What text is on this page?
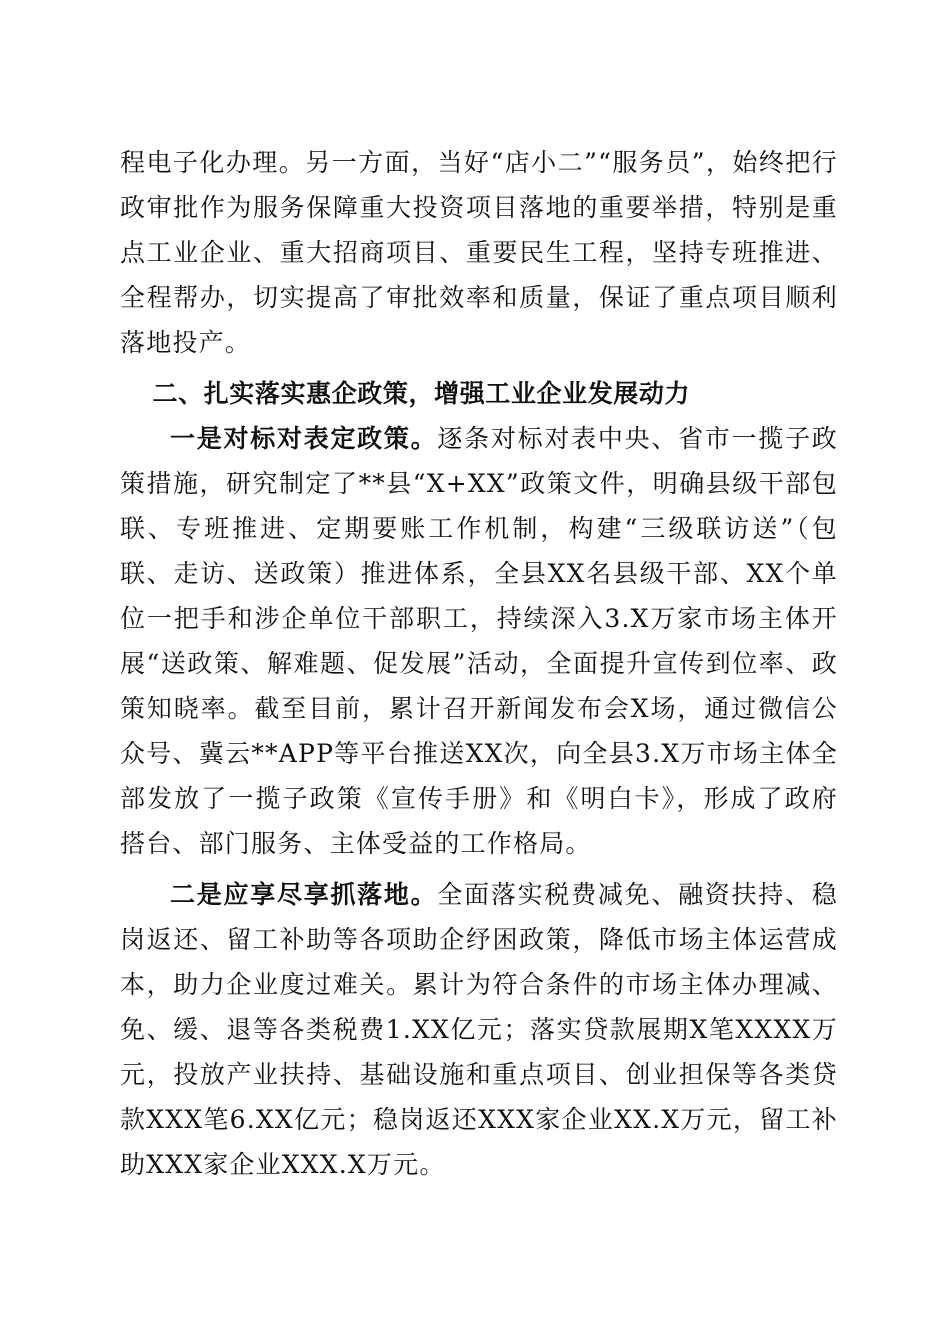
程电子化办理。另一方面，当好“店小二”“服务员”，始终把行政审批作为服务保障重大投资项目落地的重要举措，特别是重点工业企业、重大招商项目、重要民生工程，坚持专班推进、全程帮办，切实提高了审批效率和质量，保证了重点项目顺利落地投产。

二、扎实落实惠企政策，增强工业企业发展动力

一是对标对表定政策。逐条对标对表中央、省市一揽子政策措施，研究制定了**县“X+XX”政策文件，明确县级干部包联、专班推进、定期要账工作机制，构建“三级联访送”（包联、走访、送政策）推进体系，全县XX名县级干部、XX个单位一把手和涉企单位干部职工，持续深入3.X万家市场主体开展“送政策、解难题、促发展”活动，全面提升宣传到位率、政策知晓率。截至目前，累计召开新闻发布会X场，通过微信公众号、冀云**APP等平台推送XX次，向全县3.X万市场主体全部发放了一揽子政策《宣传手册》和《明白卡》，形成了政府搭台、部门服务、主体受益的工作格局。

二是应享尽享抓落地。全面落实税费减免、融资扶持、稳岗返还、留工补助等各项助企纾困政策，降低市场主体运营成本，助力企业度过难关。累计为符合条件的市场主体办理减、免、缓、退等各类税费1.XX亿元；落实贷款展期X笔XXXX万元，投放产业扶持、基础设施和重点项目、创业担保等各类贷款XXX笔6.XX亿元；稳岗返还XXX家企业XX.X万元，留工补助XXX家企业XXX.X万元。
